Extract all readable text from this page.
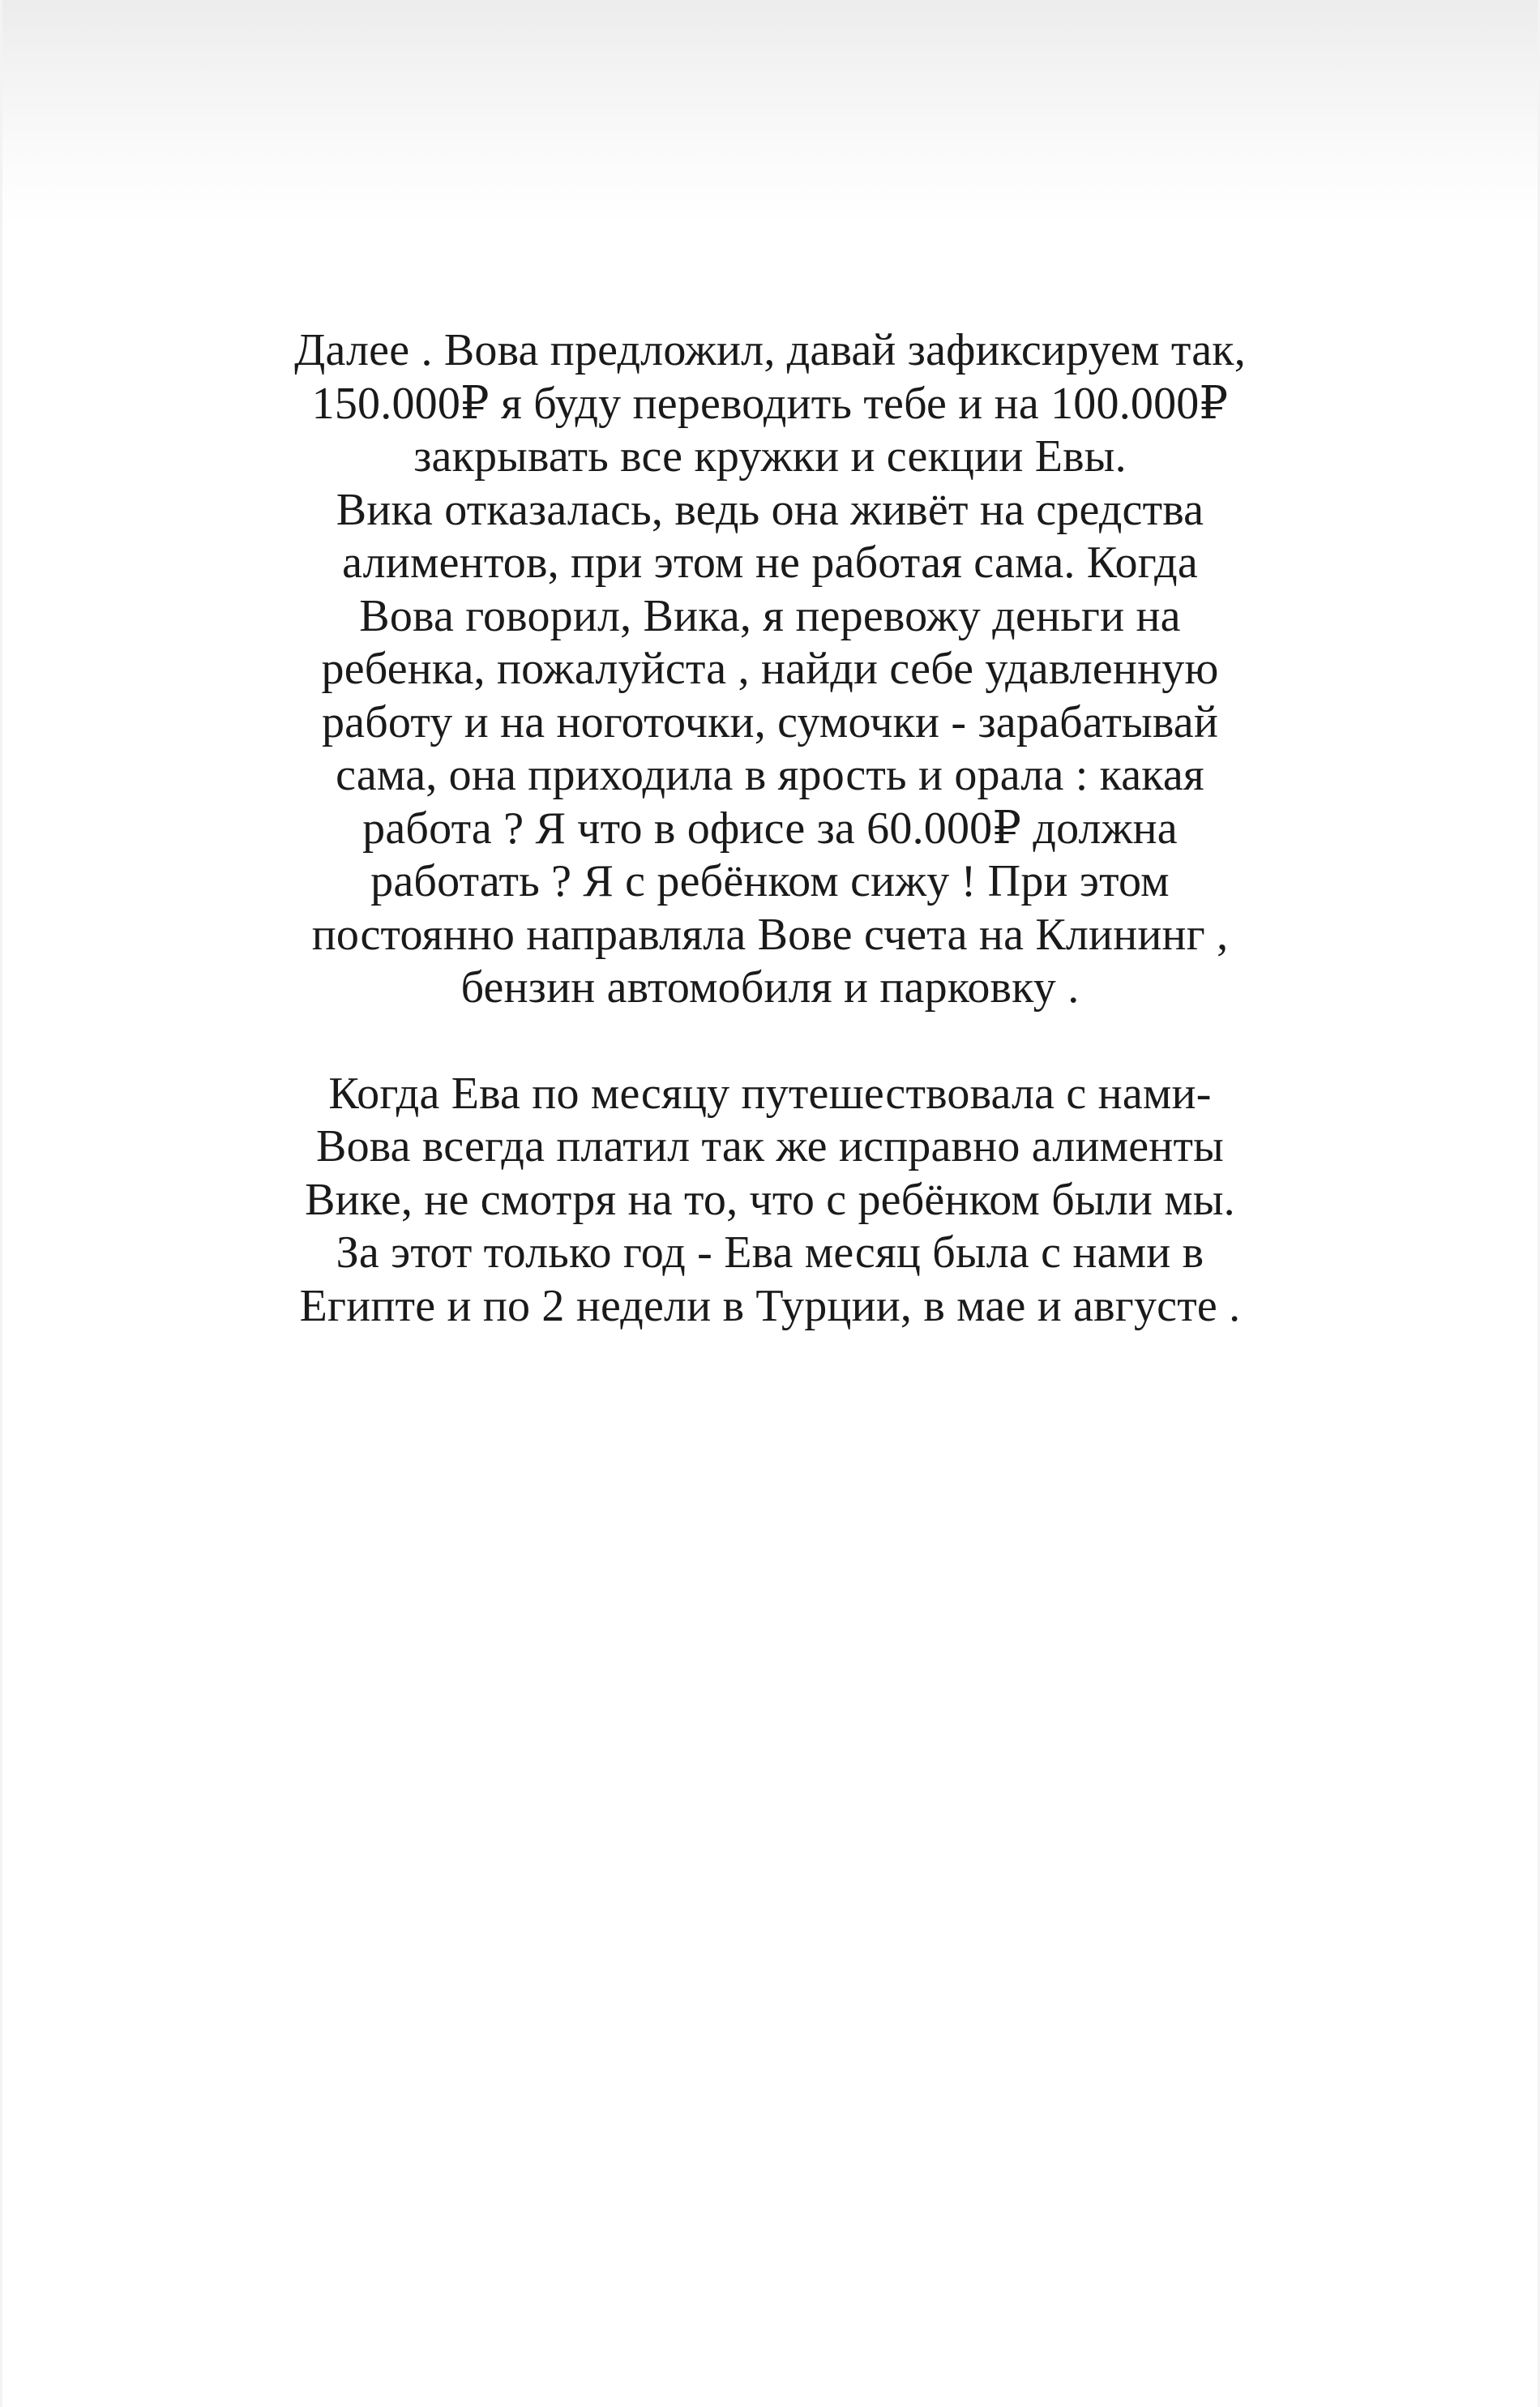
Далее . Вова предложил, давай зафиксируем так,
150.000₽ я буду переводить тебе и на 100.000₽
закрывать все кружки и секции Евы.
Вика отказалась, ведь она живёт на средства
алиментов, при этом не работая сама. Когда
Вова говорил, Вика, я перевожу деньги на
ребенка, пожалуйста , найди себе удавленную
работу и на ноготочки, сумочки - зарабатывай
сама, она приходила в ярость и орала : какая
работа ? Я что в офисе за 60.000₽ должна
работать ? Я с ребёнком сижу ! При этом
постоянно направляла Вове счета на Клининг ,
бензин автомобиля и парковку .

Когда Ева по месяцу путешествовала с нами-
Вова всегда платил так же исправно алименты
Вике, не смотря на то, что с ребёнком были мы.
За этот только год - Ева месяц была с нами в
Египте и по 2 недели в Турции, в мае и августе .
